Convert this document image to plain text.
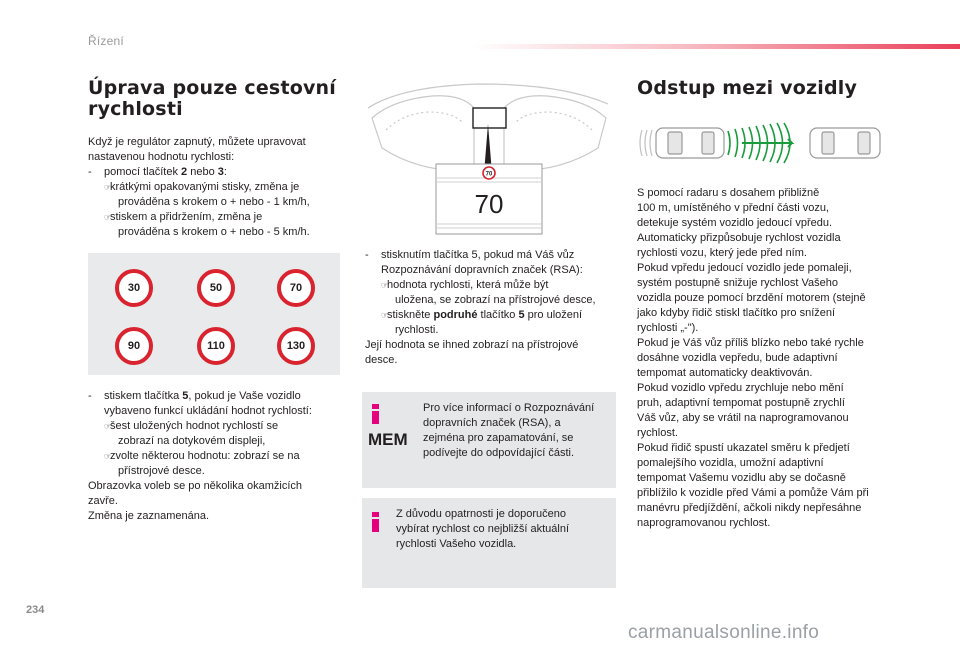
Řízení
Úprava pouze cestovní
rychlosti

Když je regulátor zapnutý, můžete upravovat

nastavenou hodnotu rychlosti:

- pomocí tlačítek 2 nebo 3:

☞
krátkými opakovanými stisky, změna je

prováděna s krokem o + nebo - 1 km/h,

☞
stiskem a přidržením, změna je

prováděna s krokem o + nebo - 5 km/h.

30	50	70
90	110	130

- stiskem tlačítka 5, pokud je Vaše vozidlo

vybaveno funkcí ukládání hodnot rychlostí:

☞
šest uložených hodnot rychlostí se

zobrazí na dotykovém displeji,

☞
zvolte některou hodnotu: zobrazí se na

přístrojové desce.

Obrazovka voleb se po několika okamžicích

zavře.

Změna je zaznamenána.

70
70

- stisknutím tlačítka 5, pokud má Váš vůz

Rozpoznávání dopravních značek (RSA):

☞
hodnota rychlosti, která může být

uložena, se zobrazí na přístrojové desce,

☞
stiskněte podruhé tlačítko 5 pro uložení

rychlosti.

Její hodnota se ihned zobrazí na přístrojové

desce.

MEM
Pro více informací o Rozpoznávání
dopravních značek (RSA), a
zejména pro zapamatování, se
podívejte do odpovídající části.
Z důvodu opatrnosti je doporučeno
vybírat rychlost co nejbližší aktuální
rychlosti Vašeho vozidla.
Odstup mezi vozidly

S pomocí radaru s dosahem přibližně

100 m, umístěného v přední části vozu,

detekuje systém vozidlo jedoucí vpředu.

Automaticky přizpůsobuje rychlost vozidla

rychlosti vozu, který jede před ním.

Pokud vpředu jedoucí vozidlo jede pomaleji,

systém postupně snižuje rychlost Vašeho

vozidla pouze pomocí brzdění motorem (stejně

jako kdyby řidič stiskl tlačítko pro snížení

rychlosti „-").

Pokud je Váš vůz příliš blízko nebo také rychle

dosáhne vozidla vepředu, bude adaptivní

tempomat automaticky deaktivován.

Pokud vozidlo vpředu zrychluje nebo mění

pruh, adaptivní tempomat postupně zrychlí

Váš vůz, aby se vrátil na naprogramovanou

rychlost.

Pokud řidič spustí ukazatel směru k předjetí

pomalejšího vozidla, umožní adaptivní

tempomat Vašemu vozidlu aby se dočasně

přiblížilo k vozidle před Vámi a pomůže Vám při

manévru předjíždění, ačkoli nikdy nepřesáhne

naprogramovanou rychlost.

234
carmanualsonline.info
